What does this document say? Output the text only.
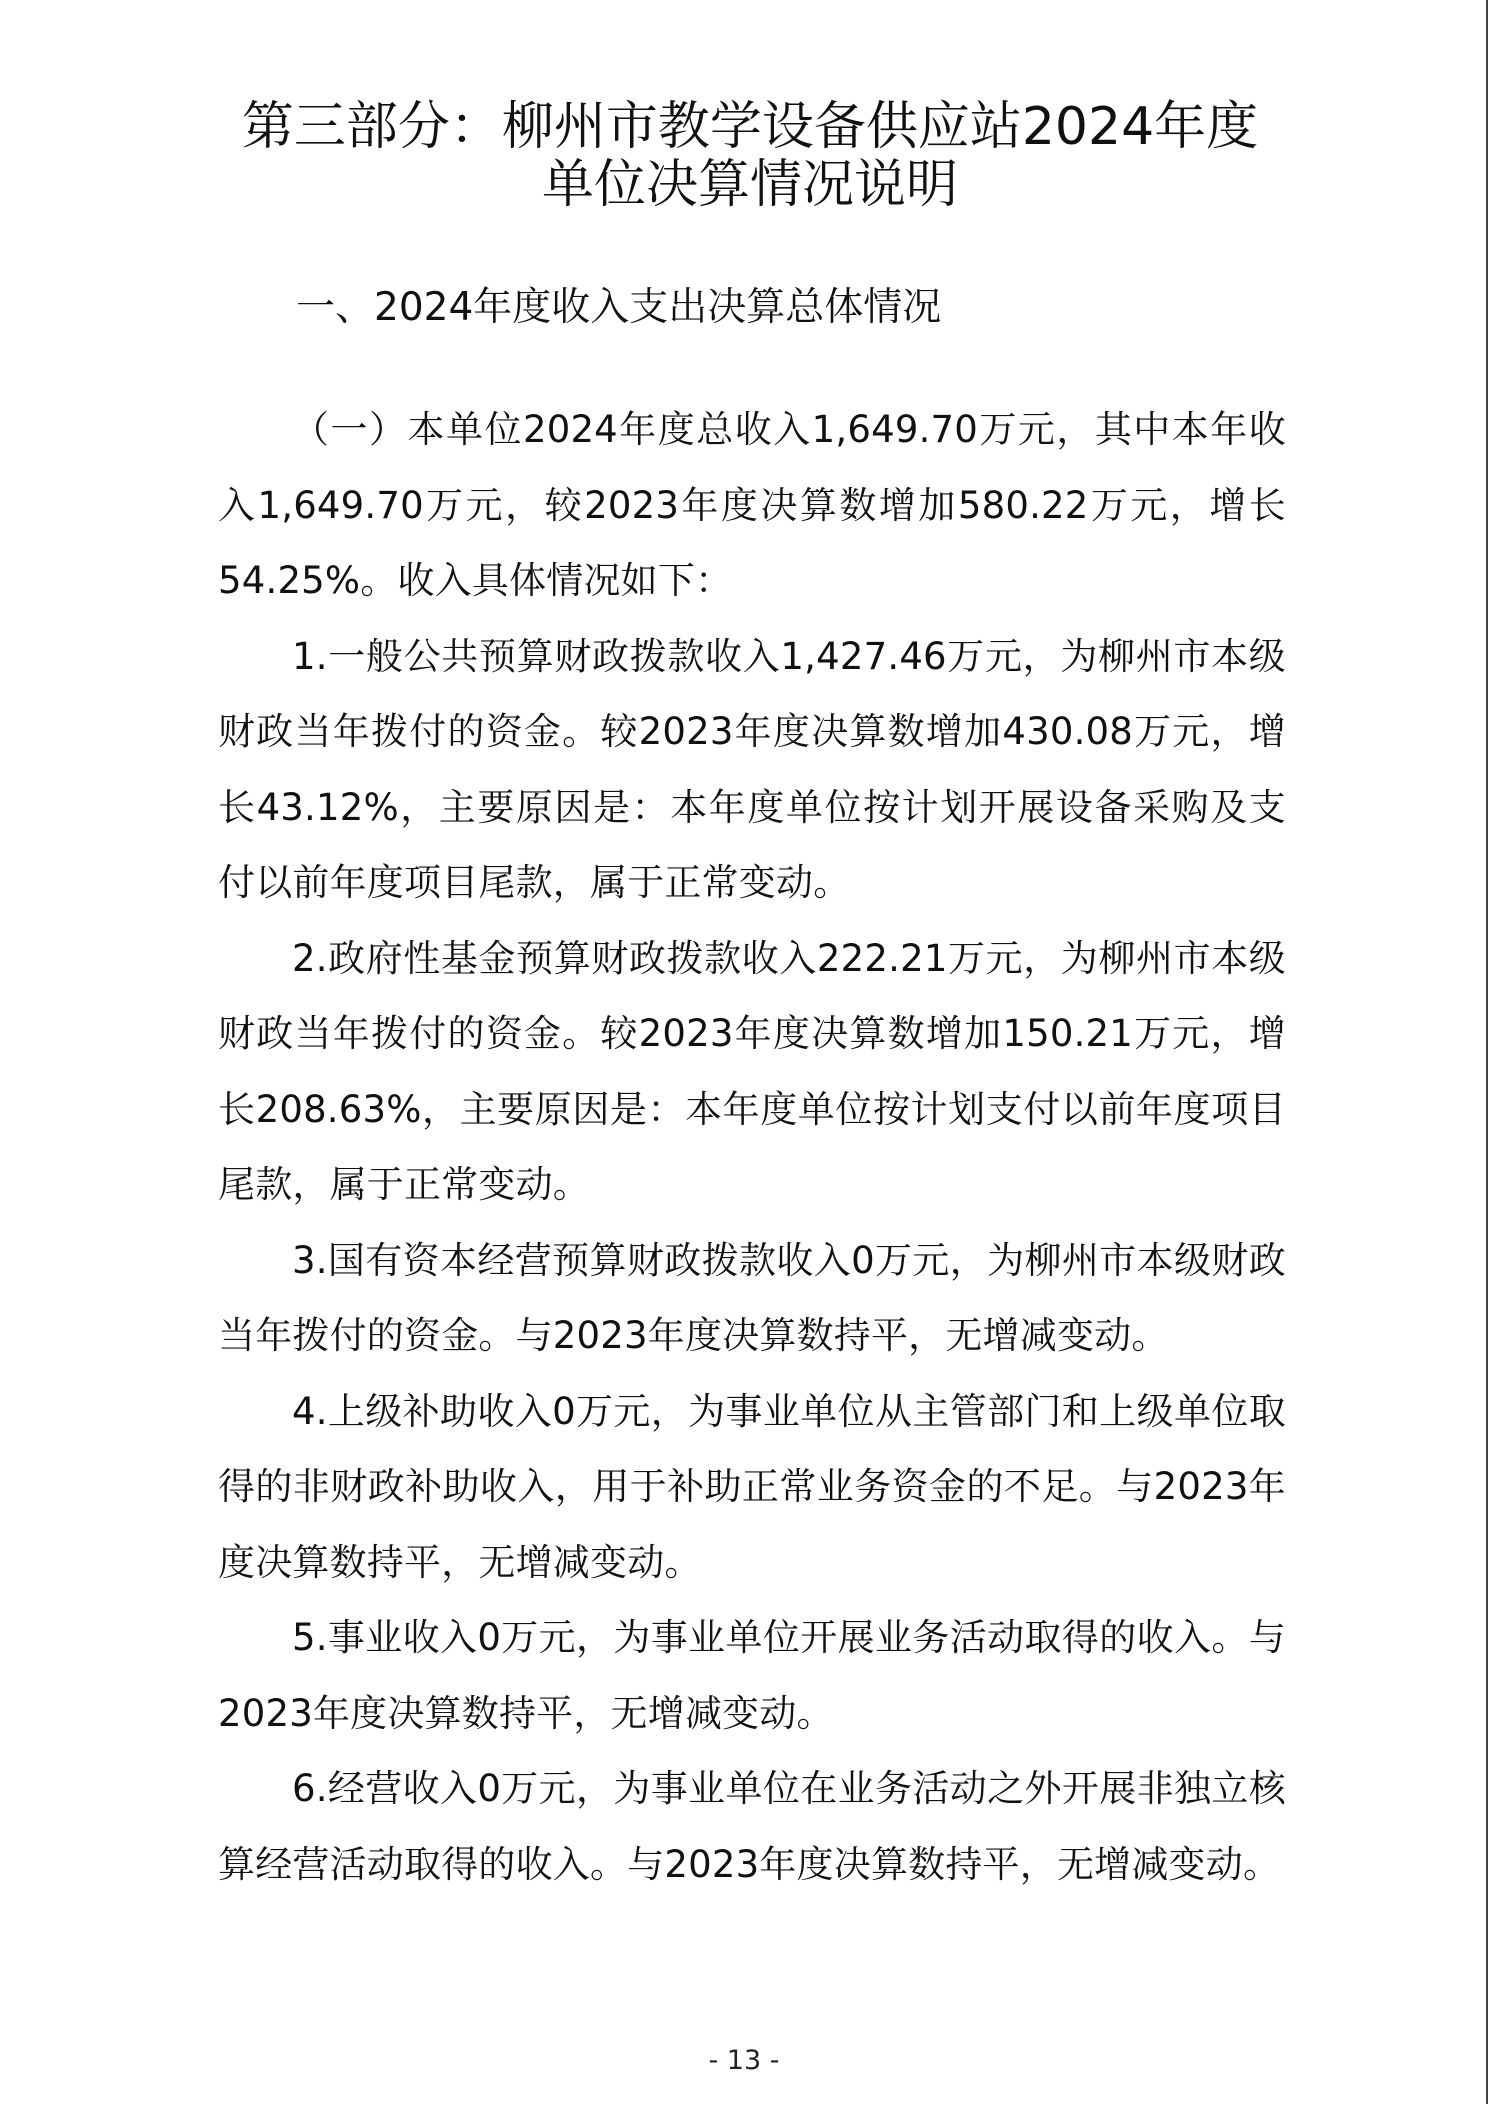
第三部分：柳州市教学设备供应站2024年度
单位决算情况说明
一、2024年度收入支出决算总体情况

（一）本单位2024年度总收入1,649.70万元，其中本年收入1,649.70万元，较2023年度决算数增加580.22万元，增长54.25%。收入具体情况如下：

1.一般公共预算财政拨款收入1,427.46万元，为柳州市本级财政当年拨付的资金。较2023年度决算数增加430.08万元，增长43.12%，主要原因是：本年度单位按计划开展设备采购及支付以前年度项目尾款，属于正常变动。

2.政府性基金预算财政拨款收入222.21万元，为柳州市本级财政当年拨付的资金。较2023年度决算数增加150.21万元，增长208.63%，主要原因是：本年度单位按计划支付以前年度项目尾款，属于正常变动。

3.国有资本经营预算财政拨款收入0万元，为柳州市本级财政当年拨付的资金。与2023年度决算数持平，无增减变动。

4.上级补助收入0万元，为事业单位从主管部门和上级单位取得的非财政补助收入，用于补助正常业务资金的不足。与2023年度决算数持平，无增减变动。

5.事业收入0万元，为事业单位开展业务活动取得的收入。与2023年度决算数持平，无增减变动。

6.经营收入0万元，为事业单位在业务活动之外开展非独立核算经营活动取得的收入。与2023年度决算数持平，无增减变动。

- 13 -
